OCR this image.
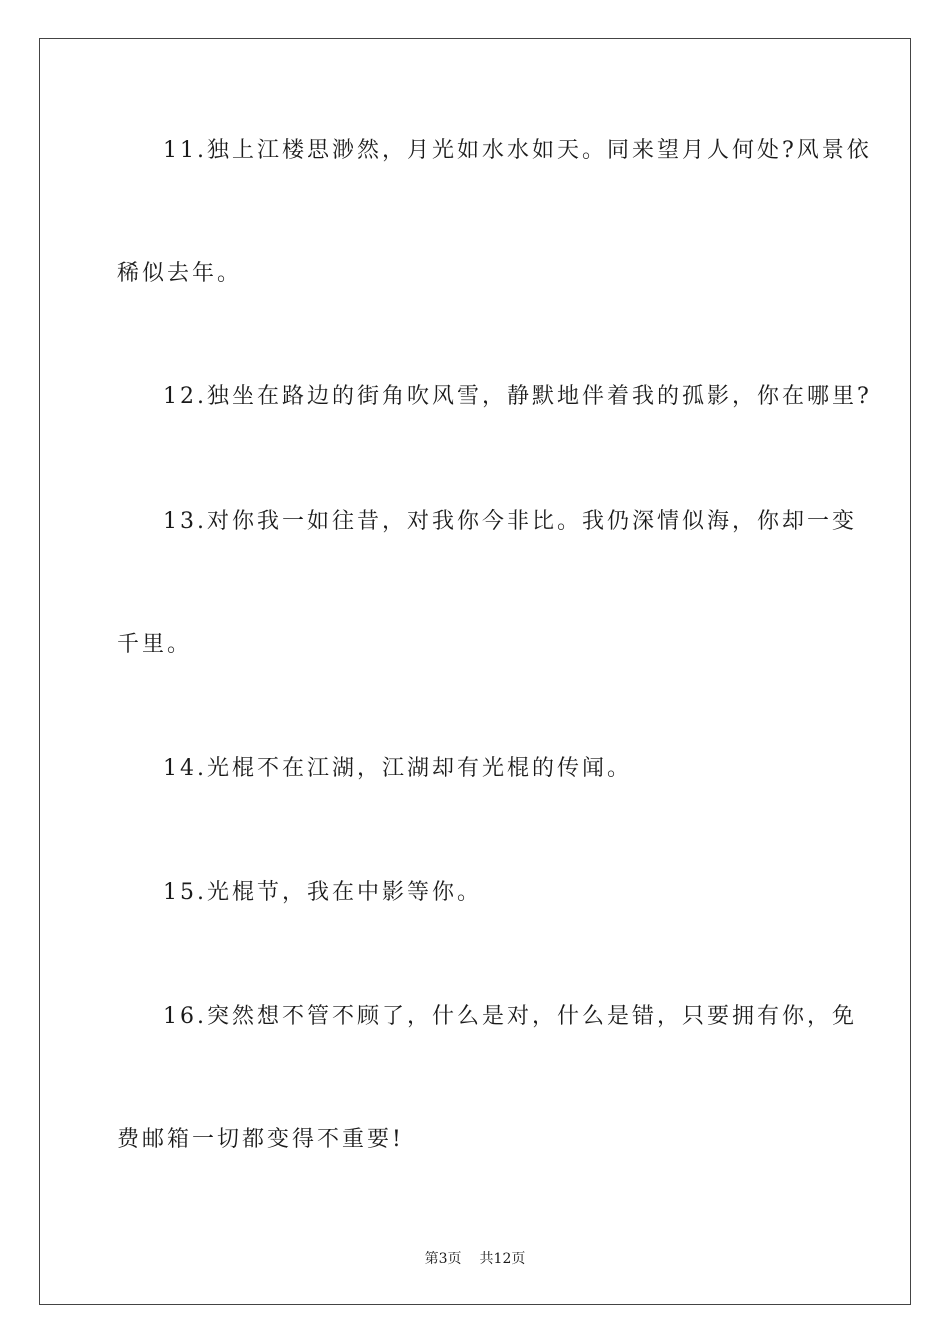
11.独上江楼思渺然，月光如水水如天。同来望月人何处?风景依
稀似去年。
12.独坐在路边的街角吹风雪，静默地伴着我的孤影，你在哪里?
13.对你我一如往昔，对我你今非比。我仍深情似海，你却一变
千里。
14.光棍不在江湖，江湖却有光棍的传闻。
15.光棍节，我在中影等你。
16.突然想不管不顾了，什么是对，什么是错，只要拥有你，免
费邮箱一切都变得不重要!
第3页 共12页
